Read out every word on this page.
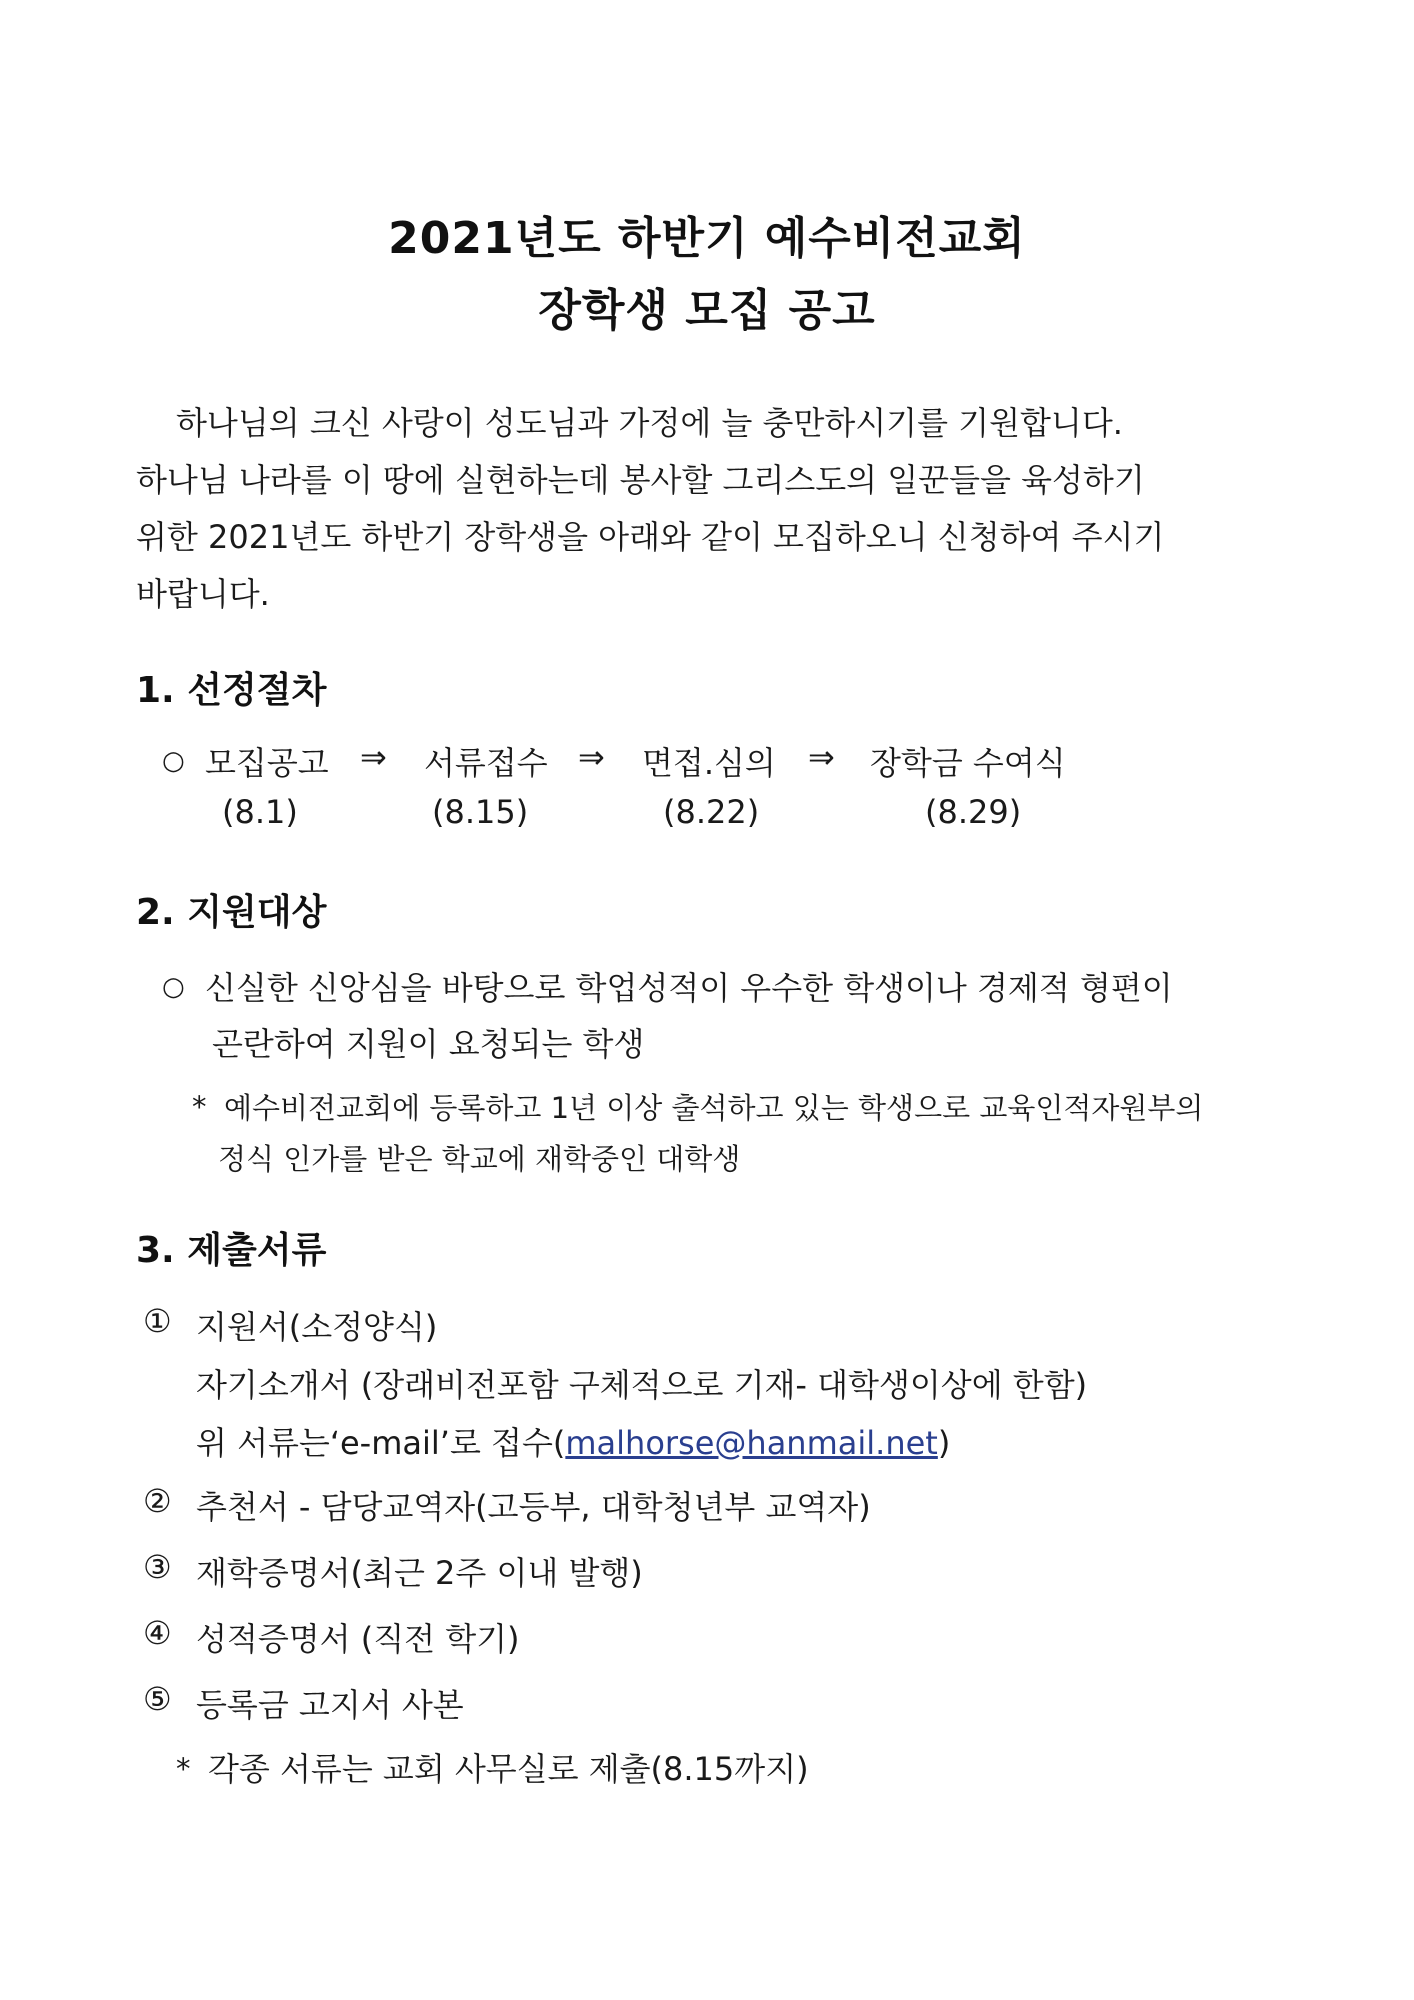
2021년도 하반기 예수비전교회
장학생 모집 공고
하나님의 크신 사랑이 성도님과 가정에 늘 충만하시기를 기원합니다.
하나님 나라를 이 땅에 실현하는데 봉사할 그리스도의 일꾼들을 육성하기
위한 2021년도 하반기 장학생을 아래와 같이 모집하오니 신청하여 주시기
바랍니다.
1. 선정절차
○ 모집공고 ⇒ 서류접수 ⇒ 면접.심의 ⇒ 장학금 수여식
(8.1)	(8.15)	(8.22)	(8.29)
2. 지원대상
○ 신실한 신앙심을 바탕으로 학업성적이 우수한 학생이나 경제적 형편이
곤란하여 지원이 요청되는 학생
* 예수비전교회에 등록하고 1년 이상 출석하고 있는 학생으로 교육인적자원부의
정식 인가를 받은 학교에 재학중인 대학생
3. 제출서류
① 지원서(소정양식)
자기소개서 (장래비전포함 구체적으로 기재- 대학생이상에 한함)
위 서류는‘e-mail’로 접수(malhorse@hanmail.net)
② 추천서 - 담당교역자(고등부, 대학청년부 교역자)
③ 재학증명서(최근 2주 이내 발행)
④ 성적증명서 (직전 학기)
⑤ 등록금 고지서 사본
* 각종 서류는 교회 사무실로 제출(8.15까지)
